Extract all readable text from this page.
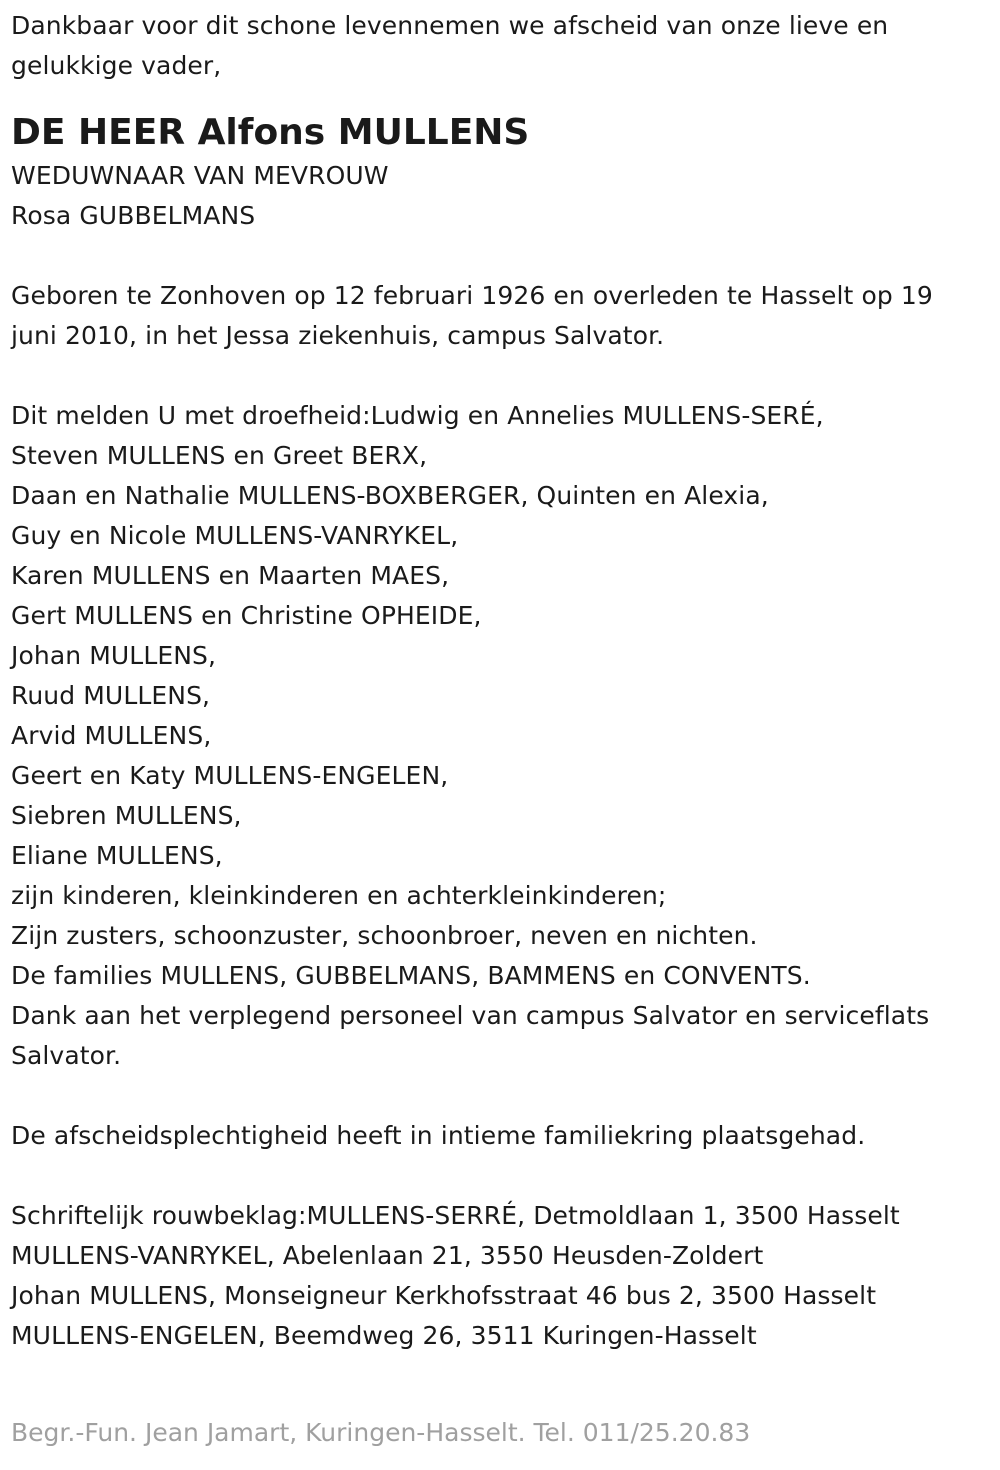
Dankbaar voor dit schone levennemen we afscheid van onze lieve en
gelukkige vader,
DE HEER Alfons MULLENS
WEDUWNAAR VAN MEVROUW
Rosa GUBBELMANS
Geboren te Zonhoven op 12 februari 1926 en overleden te Hasselt op 19
juni 2010, in het Jessa ziekenhuis, campus Salvator.
Dit melden U met droefheid:Ludwig en Annelies MULLENS-SERÉ,
Steven MULLENS en Greet BERX,
Daan en Nathalie MULLENS-BOXBERGER, Quinten en Alexia,
Guy en Nicole MULLENS-VANRYKEL,
Karen MULLENS en Maarten MAES,
Gert MULLENS en Christine OPHEIDE,
Johan MULLENS,
Ruud MULLENS,
Arvid MULLENS,
Geert en Katy MULLENS-ENGELEN,
Siebren MULLENS,
Eliane MULLENS,
zijn kinderen, kleinkinderen en achterkleinkinderen;
Zijn zusters, schoonzuster, schoonbroer, neven en nichten.
De families MULLENS, GUBBELMANS, BAMMENS en CONVENTS.
Dank aan het verplegend personeel van campus Salvator en serviceflats
Salvator.
De afscheidsplechtigheid heeft in intieme familiekring plaatsgehad.
Schriftelijk rouwbeklag:MULLENS-SERRÉ, Detmoldlaan 1, 3500 Hasselt
MULLENS-VANRYKEL, Abelenlaan 21, 3550 Heusden-Zoldert
Johan MULLENS, Monseigneur Kerkhofsstraat 46 bus 2, 3500 Hasselt
MULLENS-ENGELEN, Beemdweg 26, 3511 Kuringen-Hasselt
Begr.-Fun. Jean Jamart, Kuringen-Hasselt. Tel. 011/25.20.83
